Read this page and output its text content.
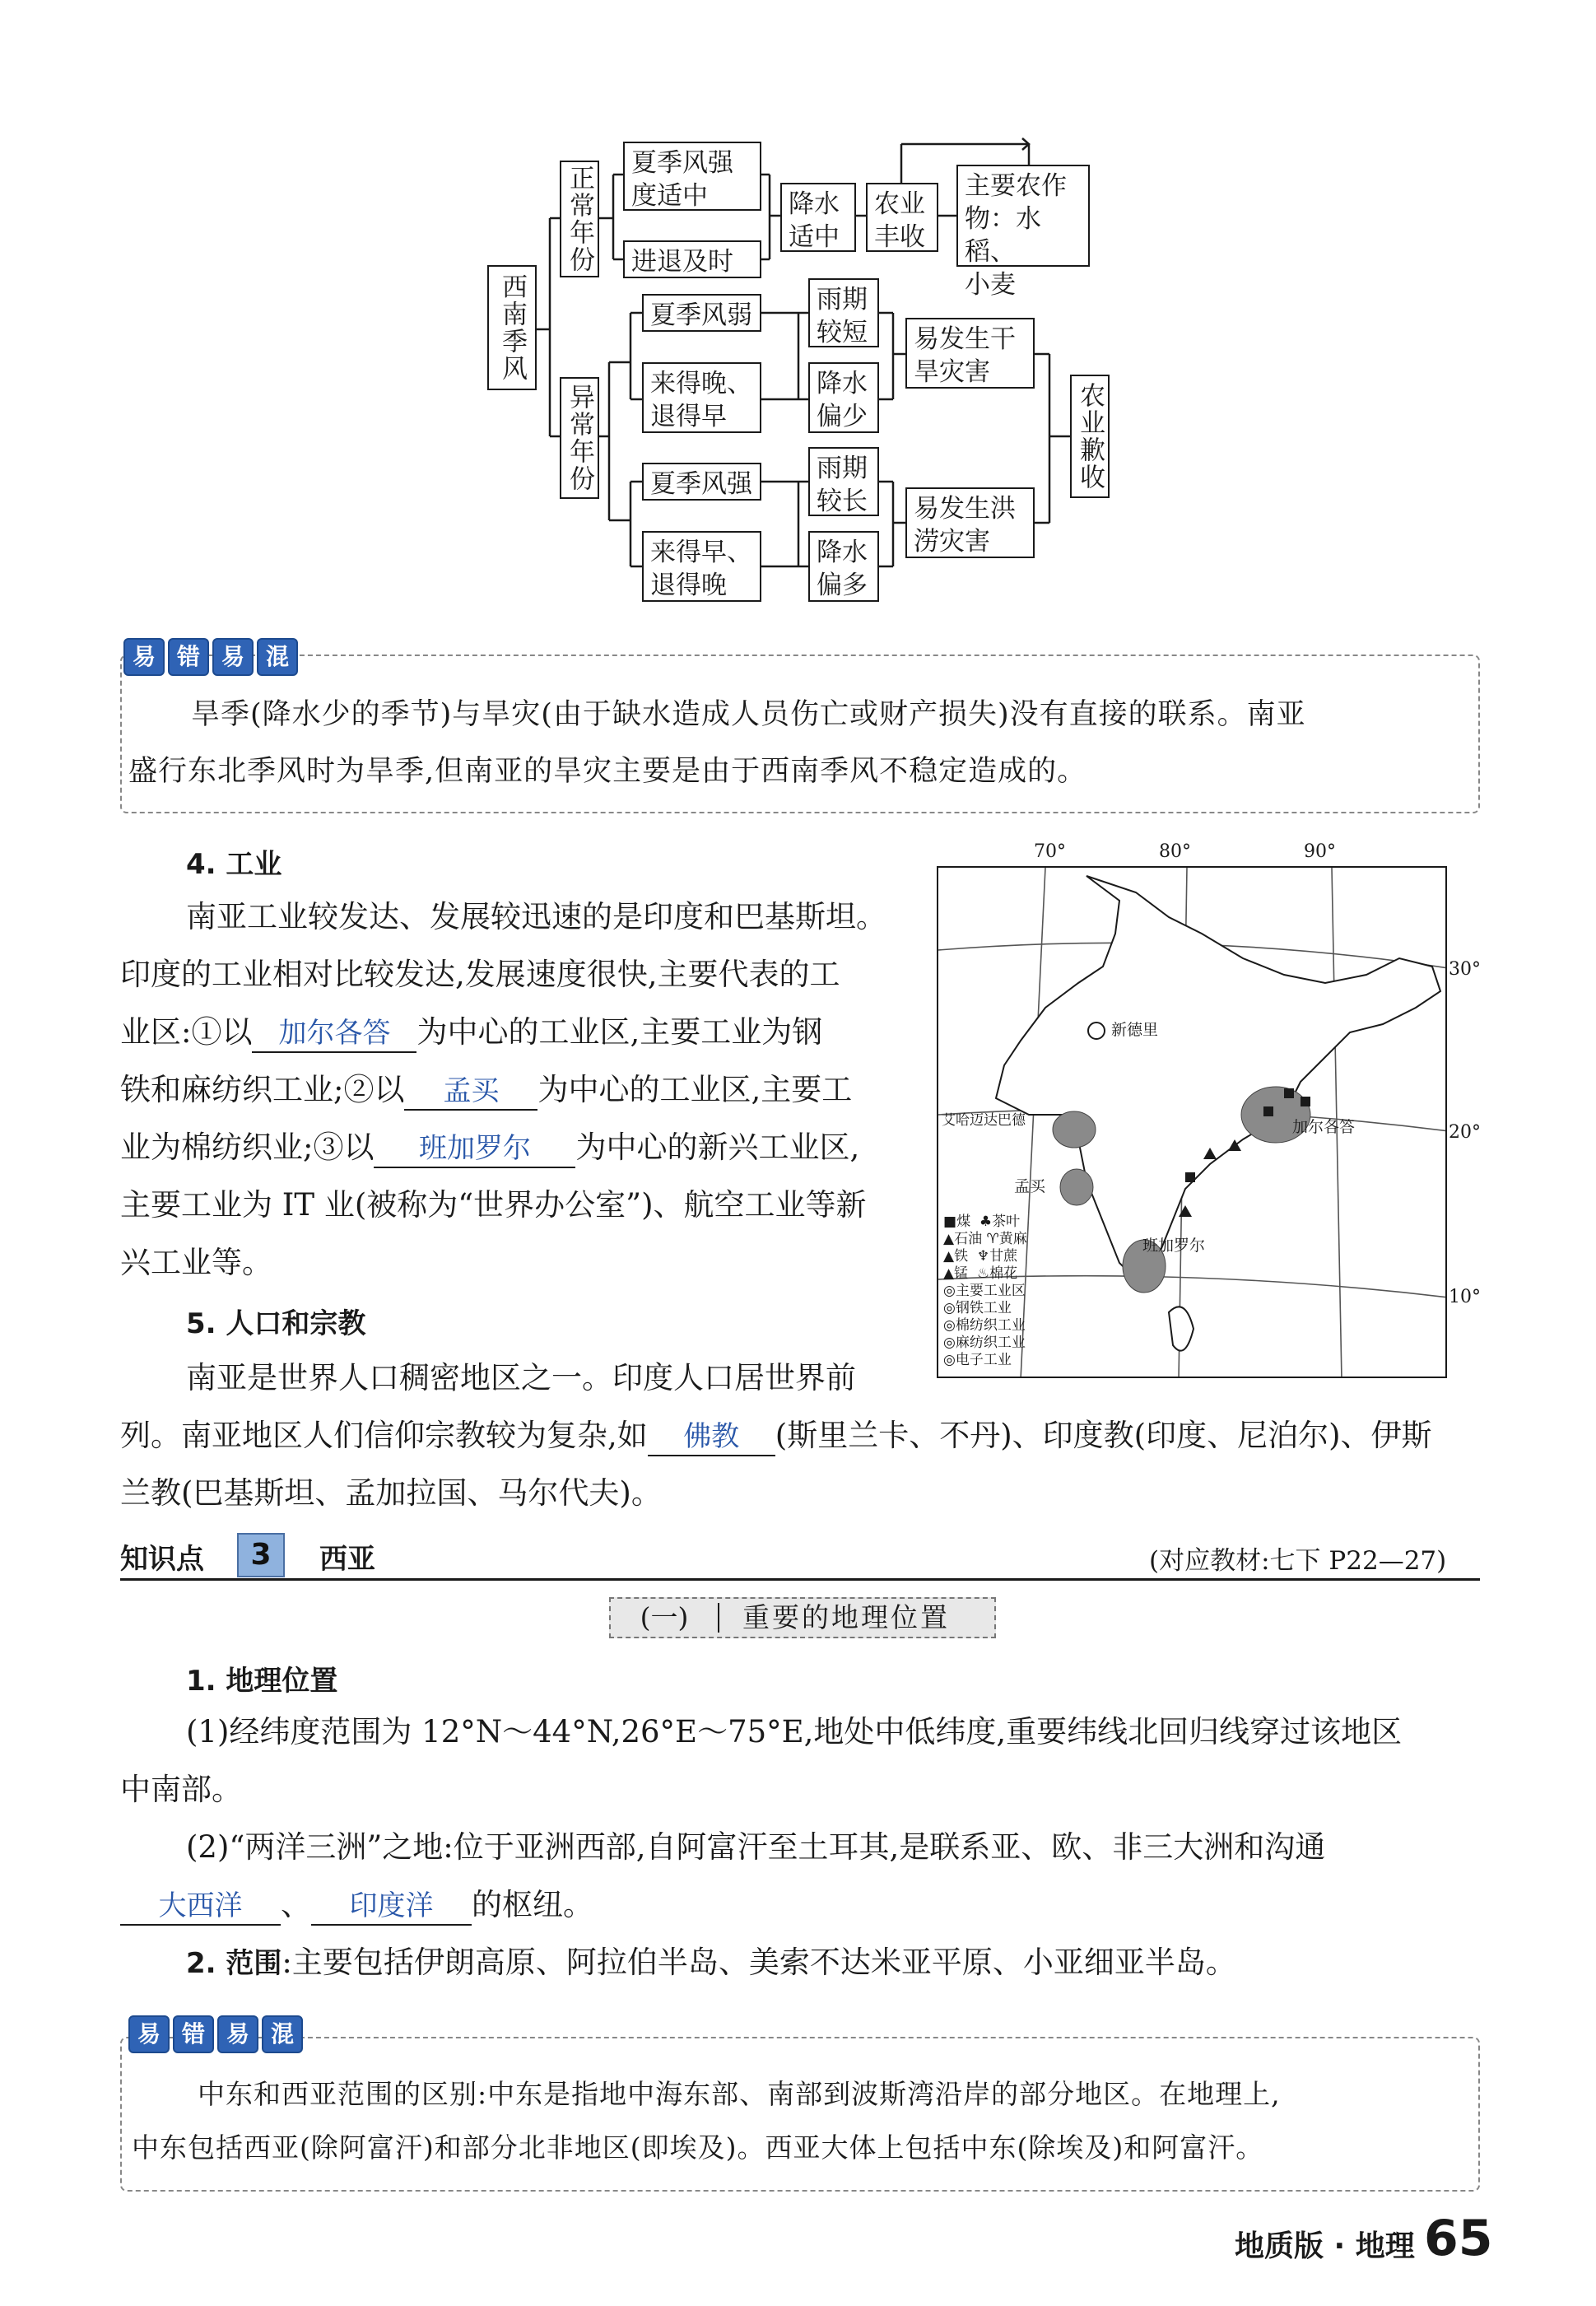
西南季风
正常年份
异常年份
夏季风强
度适中
进退及时
降水
适中
农业
丰收
主要农作
物：水稻、
小麦
夏季风弱
来得晚、
退得早
雨期
较短
降水
偏少
易发生干
旱灾害
夏季风强
来得早、
退得晚
雨期
较长
降水
偏多
易发生洪
涝灾害
农业歉收
易 错 易 混
旱季(降水少的季节)与旱灾(由于缺水造成人员伤亡或财产损失)没有直接的联系。南亚
盛行东北季风时为旱季,但南亚的旱灾主要是由于西南季风不稳定造成的。
4. 工业
南亚工业较发达、发展较迅速的是印度和巴基斯坦。
印度的工业相对比较发达,发展速度很快,主要代表的工
业区:①以 加尔各答 为中心的工业区,主要工业为钢
铁和麻纺织工业;②以 孟买 为中心的工业区,主要工
业为棉纺织业;③以 班加罗尔 为中心的新兴工业区,
主要工业为 IT 业(被称为“世界办公室”)、航空工业等新
兴工业等。
5. 人口和宗教
南亚是世界人口稠密地区之一。印度人口居世界前
列。南亚地区人们信仰宗教较为复杂,如 佛教 (斯里兰卡、不丹)、印度教(印度、尼泊尔)、伊斯
兰教(巴基斯坦、孟加拉国、马尔代夫)。
70°	80°	90°
30°
20°
10°
新德里
艾哈迈达巴德
孟买
加尔各答
班加罗尔
■煤 ♣茶叶
▲石油 ♈黄麻
▲铁 ♆甘蔗
▲锰 ♨棉花
◎主要工业区
◎钢铁工业
◎棉纺织工业
◎麻纺织工业
◎电子工业
知识点	3	西亚	(对应教材:七下 P22—27)
(一)	重要的地理位置
1. 地理位置
(1)经纬度范围为 12°N～44°N,26°E～75°E,地处中低纬度,重要纬线北回归线穿过该地区
中南部。
(2)“两洋三洲”之地:位于亚洲西部,自阿富汗至土耳其,是联系亚、欧、非三大洲和沟通
大西洋 、 印度洋 的枢纽。
2. 范围:主要包括伊朗高原、阿拉伯半岛、美索不达米亚平原、小亚细亚半岛。
易 错 易 混
中东和西亚范围的区别:中东是指地中海东部、南部到波斯湾沿岸的部分地区。在地理上,
中东包括西亚(除阿富汗)和部分北非地区(即埃及)。西亚大体上包括中东(除埃及)和阿富汗。
地质版 · 地理 65
